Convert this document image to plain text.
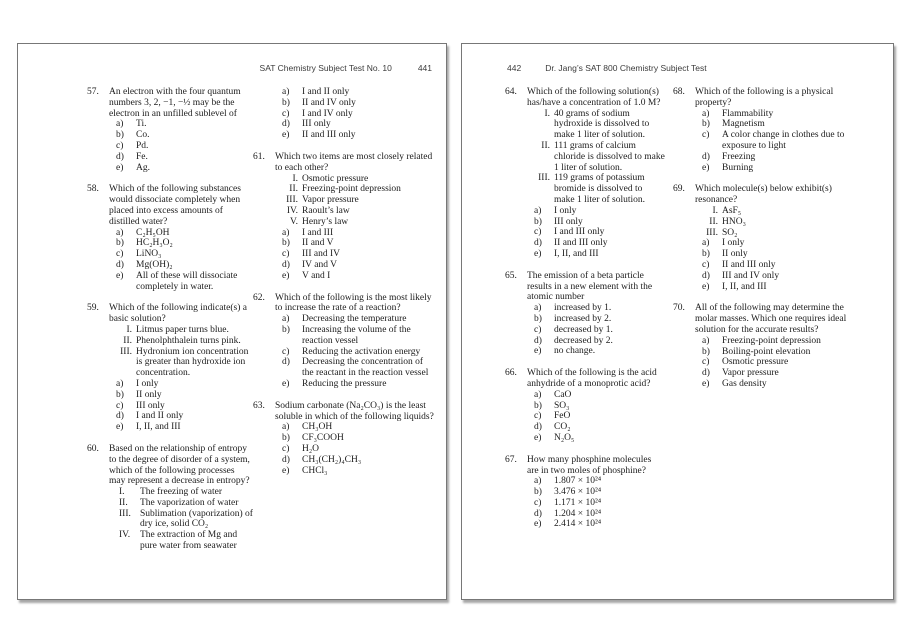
SAT Chemistry Subject Test No. 10	441
57.	An electron with the four quantum numbers 3, 2, −1, −½ may be the electron in an unfilled sublevel of
a)	Ti.
b)	Co.
c)	Pd.
d)	Fe.
e)	Ag.
58.	Which of the following substances would dissociate completely when placed into excess amounts of distilled water?
a)	C₂H₅OH
b)	HC₂H₃O₂
c)	LiNO₃
d)	Mg(OH)₂
e)	All of these will dissociate completely in water.
59.	Which of the following indicate(s) a basic solution?
I. Litmus paper turns blue.
II. Phenolphthalein turns pink.
III. Hydronium ion concentration is greater than hydroxide ion concentration.
a)	I only
b)	II only
c)	III only
d)	I and II only
e)	I, II, and III
60.	Based on the relationship of entropy to the degree of disorder of a system, which of the following processes may represent a decrease in entropy?
I.	The freezing of water
II.	The vaporization of water
III. Sublimation (vaporization) of dry ice, solid CO₂
IV.	The extraction of Mg and pure water from seawater
a)	I and II only
b)	II and IV only
c)	I and IV only
d)	III only
e)	II and III only
61.	Which two items are most closely related to each other?
I. Osmotic pressure
II. Freezing-point depression
III. Vapor pressure
IV. Raoult’s law
V. Henry’s law
a)	I and III
b)	II and V
c)	III and IV
d)	IV and V
e)	V and I
62.	Which of the following is the most likely to increase the rate of a reaction?
a)	Decreasing the temperature
b)	Increasing the volume of the reaction vessel
c)	Reducing the activation energy
d)	Decreasing the concentration of the reactant in the reaction vessel
e)	Reducing the pressure
63.	Sodium carbonate (Na₂CO₃) is the least soluble in which of the following liquids?
a)	CH₃OH
b)	CF₃COOH
c)	H₂O
d)	CH₃(CH₂)₄CH₃
e)	CHCl₃
442	Dr. Jang’s SAT 800 Chemistry Subject Test
64.	Which of the following solution(s) has/have a concentration of 1.0 M?
I. 40 grams of sodium hydroxide is dissolved to make 1 liter of solution.
II. 111 grams of calcium chloride is dissolved to make 1 liter of solution.
III. 119 grams of potassium bromide is dissolved to make 1 liter of solution.
a)	I only
b)	III only
c)	I and III only
d)	II and III only
e)	I, II, and III
65.	The emission of a beta particle results in a new element with the atomic number
a)	increased by 1.
b)	increased by 2.
c)	decreased by 1.
d)	decreased by 2.
e)	no change.
66.	Which of the following is the acid anhydride of a monoprotic acid?
a)	CaO
b)	SO₃
c)	FeO
d)	CO₂
e)	N₂O₅
67.	How many phosphine molecules are in two moles of phosphine?
a)	1.807 × 10²⁴
b)	3.476 × 10²⁴
c)	1.171 × 10²⁴
d)	1.204 × 10²⁴
e)	2.414 × 10²⁴
68.	Which of the following is a physical property?
a)	Flammability
b)	Magnetism
c)	A color change in clothes due to exposure to light
d)	Freezing
e)	Burning
69.	Which molecule(s) below exhibit(s) resonance?
I. AsF₅
II. HNO₃
III. SO₂
a)	I only
b)	II only
c)	II and III only
d)	III and IV only
e)	I, II, and III
70.	All of the following may determine the molar masses. Which one requires ideal solution for the accurate results?
a)	Freezing-point depression
b)	Boiling-point elevation
c)	Osmotic pressure
d)	Vapor pressure
e)	Gas density
